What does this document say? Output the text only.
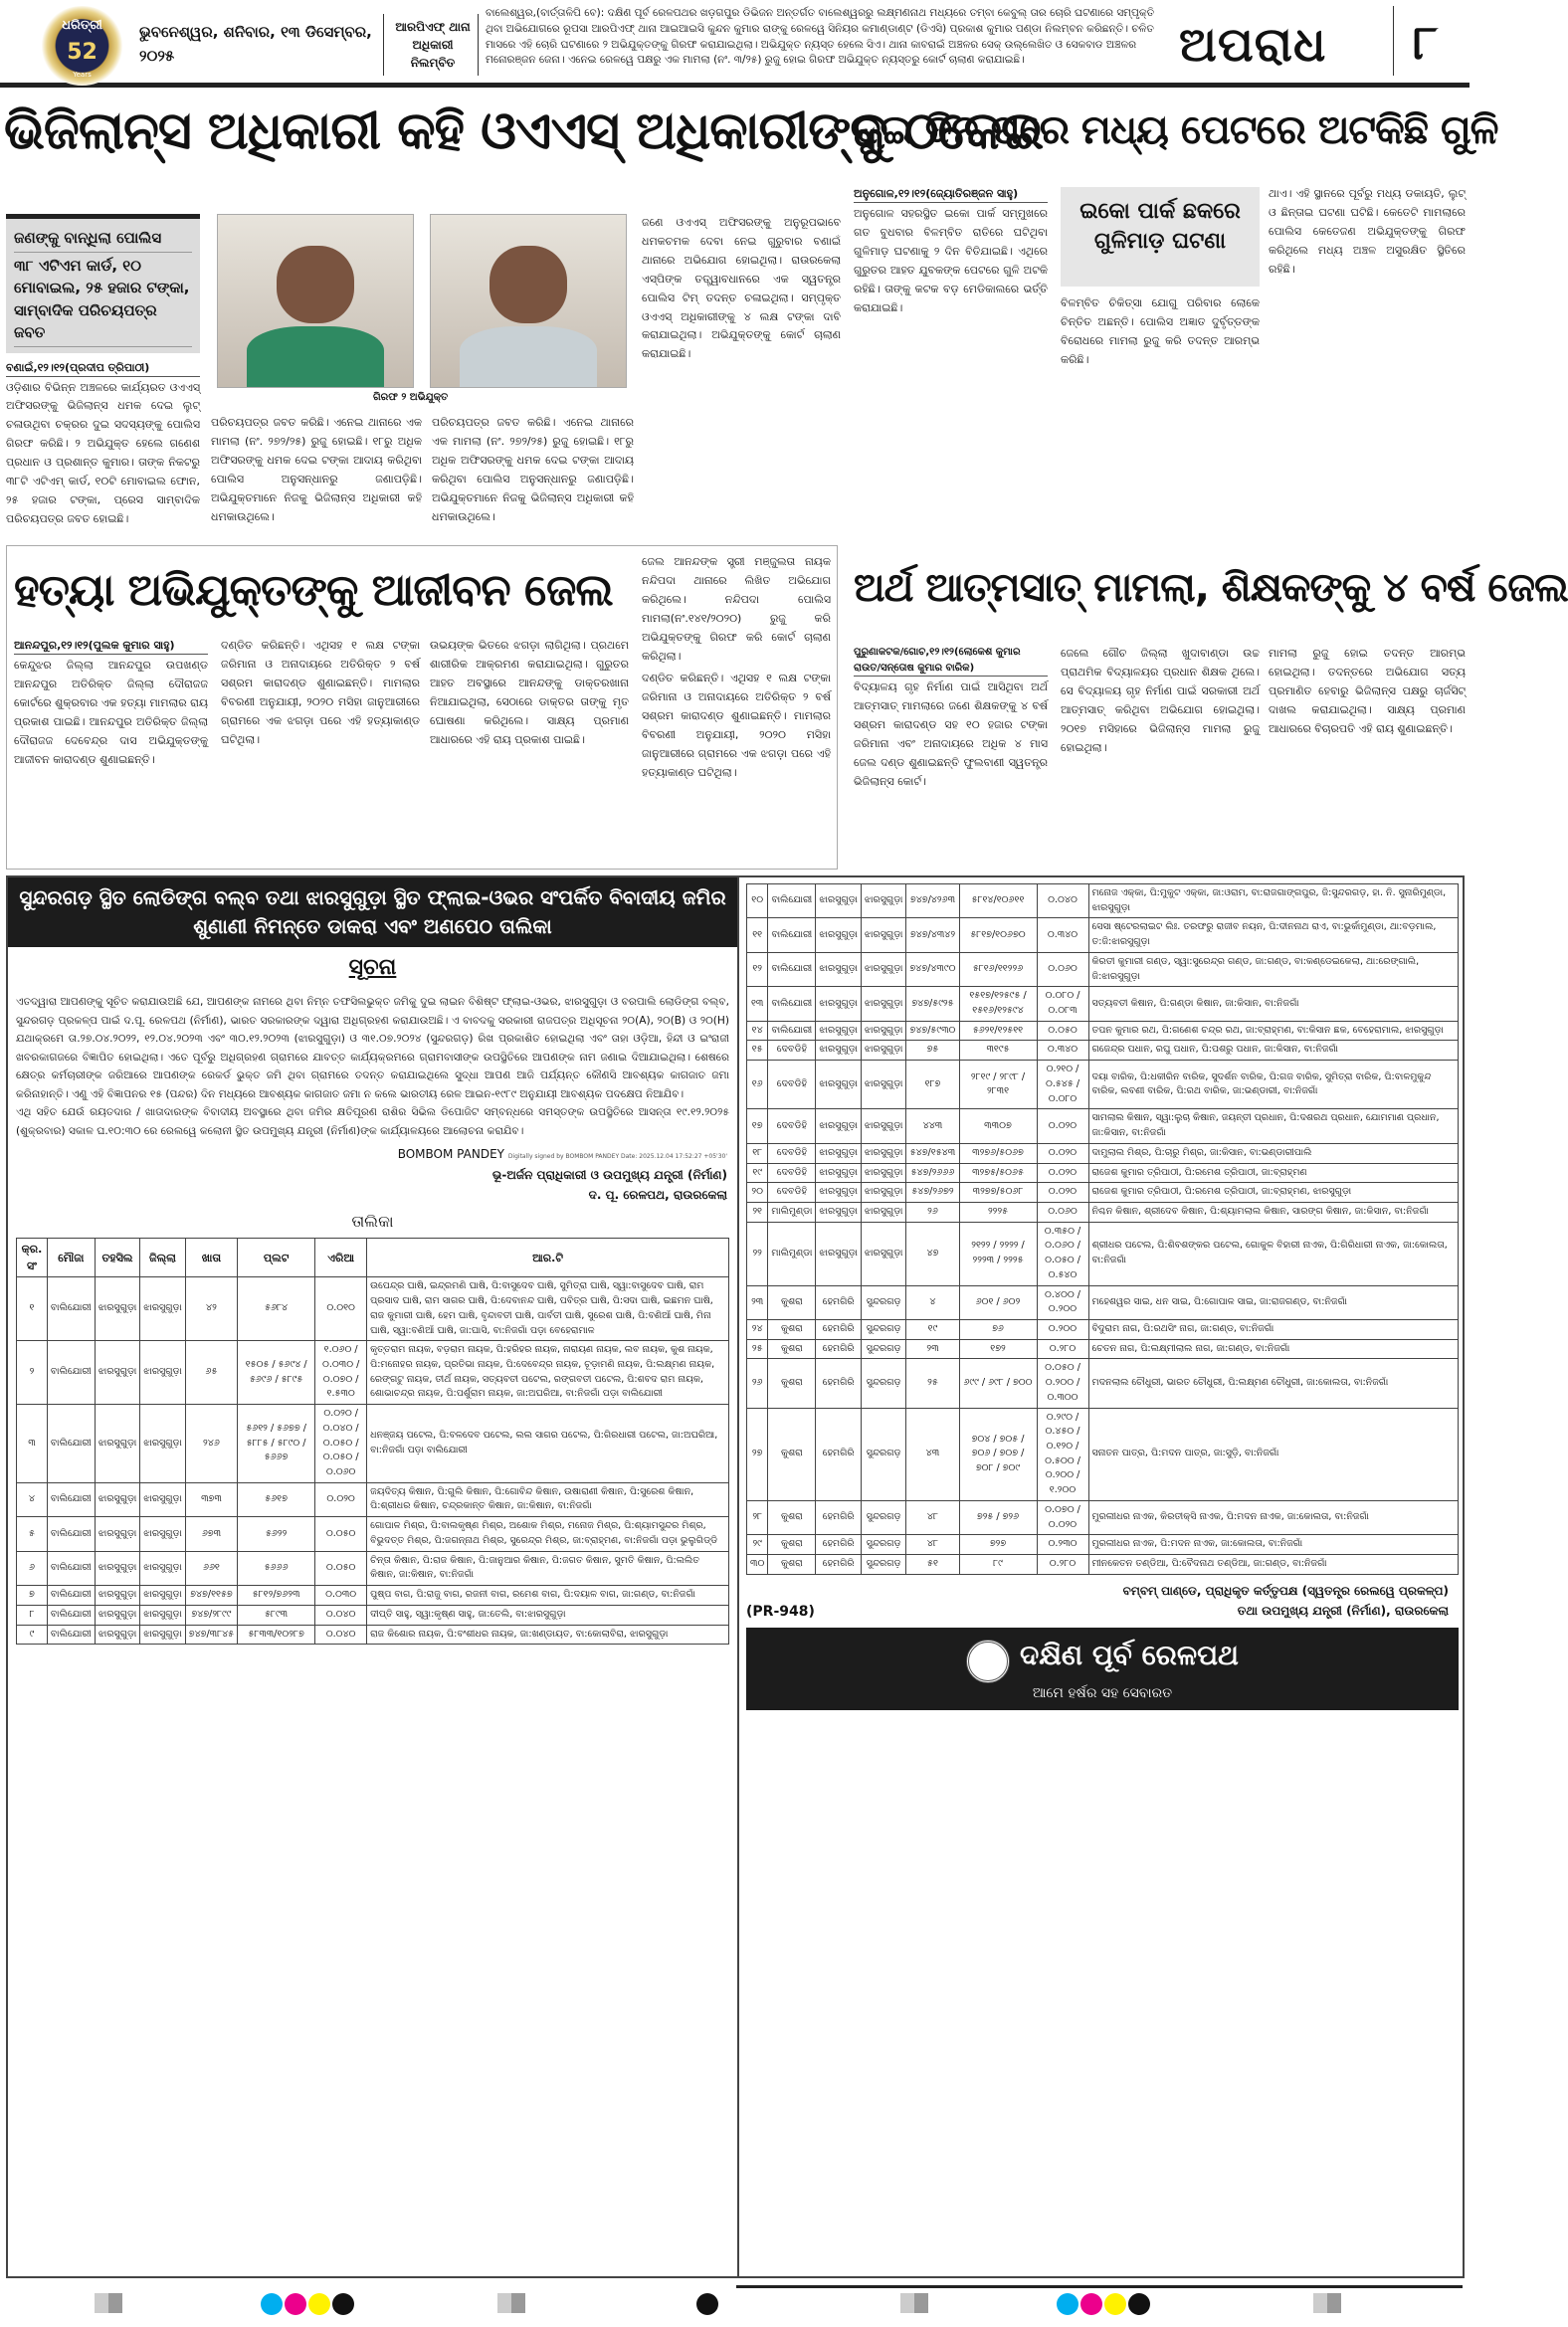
ଧରିତ୍ରୀ
52
Years
ଭୁବନେଶ୍ୱର, ଶନିବାର, ୧୩ ଡିସେମ୍ବର, ୨୦୨୫
ଆରପିଏଫ୍ ଥାନା ଅଧିକାରୀ ନିଲମ୍ବିତ
ବାଲେଶ୍ୱର,(ବାର୍ତ୍ତାଳିପି ବେ): ଦକ୍ଷିଣ ପୂର୍ବ ରେଳପଥର ଖଡ଼ଗପୁର ଡିଭିଜନ ଅନ୍ତର୍ଗତ ବାଲେଶ୍ୱରରୁ ଲକ୍ଷ୍ମଣନାଥ ମଧ୍ୟରେ ତମ୍ବା କେବୁଲ୍ ତାର ଚୋରି ଘଟଣାରେ ସମ୍ପୃକ୍ତି ଥିବା ଅଭିଯୋଗରେ ରୂପସା ଆରପିଏଫ୍ ଥାନା ଆଇଆଇସି କୁନ୍ଦନ କୁମାର ରାଙ୍କୁ ରେଳୱେ ସିନିୟର କମାଣ୍ଡାଣ୍ଟ (ଡିଏସି) ପ୍ରକାଶ କୁମାର ପଣ୍ଡା ନିଲମ୍ବନ କରିଛନ୍ତି। ଚଳିତ ମାସରେ ଏହି ଚୋରି ଘଟଣାରେ ୨ ଅଭିଯୁକ୍ତଙ୍କୁ ଗିରଫ କରାଯାଇଥିଲା। ଅଭିଯୁକ୍ତ ନ୍ୟସ୍ତ ହେଲେ ସିଏ। ଥାନା କାବରାଇଁ ଅଞ୍ଚଳର ସେକ୍ ଉଲ୍ଲେଖିତ ଓ ସେକବାଡ ଅଞ୍ଚଳର ମନୋରଞ୍ଜନ ଜେନା। ଏନେଇ ରେଳୱେ ପକ୍ଷରୁ ଏକ ମାମଲା (ନଂ. ୩/୨୫) ରୁଜୁ ହୋଇ ଗିରଫ ଅଭିଯୁକ୍ତ ନ୍ୟସ୍ତରୁ କୋର୍ଟ ଚାଲାଣ କରାଯାଇଛି।	ଅପରାଧ ୮
ଭିଜିଲାନ୍ସ ଅଧିକାରୀ କହି ଓଏଏସ୍ ଅଧିକାରୀଙ୍କୁ ଠକେଇ
ଜଣଙ୍କୁ ବାନ୍ଧିଲା ପୋଲିସ
୩୮ ଏଟିଏମ କାର୍ଡ, ୧୦ ମୋବାଇଲ, ୨୫ ହଜାର ଟଙ୍କା, ସାମ୍ବାଦିକ ପରିଚୟପତ୍ର ଜବତ
ବଣାଇଁ,୧୨।୧୨(ପ୍ରଦୀପ ତ୍ରିପାଠୀ)
ଓଡ଼ିଶାର ବିଭିନ୍ନ ଅଞ୍ଚଳରେ କାର୍ଯ୍ୟରତ ଓଏଏସ୍ ଅଫିସରଙ୍କୁ ଭିଜିଲାନ୍ସ ଧମକ ଦେଇ ଲୁଟ୍ ଚଳାଉଥିବା ଚକ୍ରର ଦୁଇ ସଦସ୍ୟଙ୍କୁ ପୋଲିସ ଗିରଫ କରିଛି। ୨ ଅଭିଯୁକ୍ତ ହେଲେ ଗଣେଶ ପ୍ରଧାନ ଓ ପ୍ରଶାନ୍ତ କୁମାର। ତାଙ୍କ ନିକଟରୁ ୩୮ଟି ଏଟିଏମ୍ କାର୍ଡ, ୧୦ଟି ମୋବାଇଲ ଫୋନ, ୨୫ ହଜାର ଟଙ୍କା, ପ୍ରେସ ସାମ୍ବାଦିକ ପରିଚୟପତ୍ର ଜବତ ହୋଇଛି।
ଗିରଫ ୨ ଅଭିଯୁକ୍ତ
ପରିଚୟପତ୍ର ଜବତ କରିଛି। ଏନେଇ ଥାନାରେ ଏକ ମାମଲା (ନଂ. ୨୭୨/୨୫) ରୁଜୁ ହୋଇଛି। ୧୮ରୁ ଅଧିକ ଅଫିସରଙ୍କୁ ଧମକ ଦେଇ ଟଙ୍କା ଆଦାୟ କରିଥିବା ପୋଲିସ ଅନୁସନ୍ଧାନରୁ ଜଣାପଡ଼ିଛି। ଅଭିଯୁକ୍ତମାନେ ନିଜକୁ ଭିଜିଲାନ୍ସ ଅଧିକାରୀ କହି ଧମକାଉଥିଲେ।
ପରିଚୟପତ୍ର ଜବତ କରିଛି। ଏନେଇ ଥାନାରେ ଏକ ମାମଲା (ନଂ. ୨୭୨/୨୫) ରୁଜୁ ହୋଇଛି। ୧୮ରୁ ଅଧିକ ଅଫିସରଙ୍କୁ ଧମକ ଦେଇ ଟଙ୍କା ଆଦାୟ କରିଥିବା ପୋଲିସ ଅନୁସନ୍ଧାନରୁ ଜଣାପଡ଼ିଛି। ଅଭିଯୁକ୍ତମାନେ ନିଜକୁ ଭିଜିଲାନ୍ସ ଅଧିକାରୀ କହି ଧମକାଉଥିଲେ।
ଜଣେ ଓଏଏସ୍ ଅଫିସରଙ୍କୁ ଅନୁରୂପଭାବେ ଧମକଚମକ ଦେବା ନେଇ ଗୁରୁବାର ବଣାଇଁ ଥାନାରେ ଅଭିଯୋଗ ହୋଇଥିଲା। ରାଉରକେଲା ଏସ୍‌ପିଙ୍କ ତତ୍ତ୍ୱାବଧାନରେ ଏକ ସ୍ୱତନ୍ତ୍ର ପୋଲିସ ଟିମ୍ ତଦନ୍ତ ଚଳାଇଥିଲା। ସମ୍ପୃକ୍ତ ଓଏଏସ୍ ଅଧିକାରୀଙ୍କୁ ୪ ଲକ୍ଷ ଟଙ୍କା ଦାବି କରାଯାଇଥିଲା। ଅଭିଯୁକ୍ତଙ୍କୁ କୋର୍ଟ ଚାଲାଣ କରାଯାଇଛି।
ଦୁଇ ଦିନ ପରେ ମଧ୍ୟ ପେଟରେ ଅଟକିଛି ଗୁଳି
ଅନୁଗୋଳ,୧୨।୧୨(ଜ୍ୟୋତିରଞ୍ଜନ ସାହୁ)
ଅନୁଗୋଳ ସହରସ୍ଥିତ ଇକୋ ପାର୍କ ସମ୍ମୁଖରେ ଗତ ବୁଧବାର ବିଳମ୍ବିତ ରାତିରେ ଘଟିଥିବା ଗୁଳିମାଡ଼ ଘଟଣାକୁ ୨ ଦିନ ବିତିଯାଇଛି। ଏଥିରେ ଗୁରୁତର ଆହତ ଯୁବକଙ୍କ ପେଟରେ ଗୁଳି ଅଟକି ରହିଛି। ତାଙ୍କୁ କଟକ ବଡ଼ ମେଡିକାଲରେ ଭର୍ତ୍ତି କରାଯାଇଛି।
ଇକୋ ପାର୍କ ଛକରେ ଗୁଳିମାଡ଼ ଘଟଣା
ବିଳମ୍ବିତ ଚିକିତ୍ସା ଯୋଗୁ ପରିବାର ଲୋକେ ଚିନ୍ତିତ ଅଛନ୍ତି। ପୋଲିସ ଅଜ୍ଞାତ ଦୁର୍ବୃତ୍ତଙ୍କ ବିରୋଧରେ ମାମଲା ରୁଜୁ କରି ତଦନ୍ତ ଆରମ୍ଭ କରିଛି।
ଥାଏ। ଏହି ସ୍ଥାନରେ ପୂର୍ବରୁ ମଧ୍ୟ ଡକାୟତି, ଲୁଟ୍ ଓ ଛିନ୍ତାଇ ଘଟଣା ଘଟିଛି। କେତେଟି ମାମଲାରେ ପୋଲିସ କେତେଜଣ ଅଭିଯୁକ୍ତଙ୍କୁ ଗିରଫ କରିଥିଲେ ମଧ୍ୟ ଅଞ୍ଚଳ ଅସୁରକ୍ଷିତ ସ୍ଥିତିରେ ରହିଛି।
ହତ୍ୟା ଅଭିଯୁକ୍ତଙ୍କୁ ଆଜୀବନ ଜେଲ
ଜେଲ ଆନନ୍ଦଙ୍କ ସ୍ତ୍ରୀ ମଞ୍ଜୁଲତା ନାୟକ ନନ୍ଦିପଦା ଥାନାରେ ଲିଖିତ ଅଭିଯୋଗ କରିଥିଲେ। ନନ୍ଦିପଦା ପୋଲିସ ମାମଲା(ନଂ.୧୪୧/୨୦୨୦) ରୁଜୁ କରି ଅଭିଯୁକ୍ତଙ୍କୁ ଗିରଫ କରି କୋର୍ଟ ଚାଲାଣ କରିଥିଲା।
ଦଣ୍ଡିତ କରିଛନ୍ତି। ଏଥିସହ ୧ ଲକ୍ଷ ଟଙ୍କା ଜରିମାନା ଓ ଅନାଦାୟରେ ଅତିରିକ୍ତ ୨ ବର୍ଷ ସଶ୍ରମ କାରାଦଣ୍ଡ ଶୁଣାଇଛନ୍ତି। ମାମଲାର ବିବରଣୀ ଅନୁଯାୟୀ, ୨୦୨୦ ମସିହା ଜାନୁଆରୀରେ ଗ୍ରାମରେ ଏକ ଝଗଡ଼ା ପରେ ଏହି ହତ୍ୟାକାଣ୍ଡ ଘଟିଥିଲା।
ଆନନ୍ଦପୁର,୧୨।୧୨(ପୁଲକ କୁମାର ସାହୁ)
କେନ୍ଦୁଝର ଜିଲ୍ଲା ଆନନ୍ଦପୁର ଉପଖଣ୍ଡ ଆନନ୍ଦପୁର ଅତିରିକ୍ତ ଜିଲ୍ଲା ଦୌରାଜଜ କୋର୍ଟରେ ଶୁକ୍ରବାର ଏକ ହତ୍ୟା ମାମଲାର ରାୟ ପ୍ରକାଶ ପାଇଛି। ଆନନ୍ଦପୁର ଅତିରିକ୍ତ ଜିଲ୍ଲା ଦୌରାଜଜ ଦେବେନ୍ଦ୍ର ଦାସ ଅଭିଯୁକ୍ତଙ୍କୁ ଆଜୀବନ କାରାଦଣ୍ଡ ଶୁଣାଇଛନ୍ତି।
ଦଣ୍ଡିତ କରିଛନ୍ତି। ଏଥିସହ ୧ ଲକ୍ଷ ଟଙ୍କା ଜରିମାନା ଓ ଅନାଦାୟରେ ଅତିରିକ୍ତ ୨ ବର୍ଷ ସଶ୍ରମ କାରାଦଣ୍ଡ ଶୁଣାଇଛନ୍ତି। ମାମଲାର ବିବରଣୀ ଅନୁଯାୟୀ, ୨୦୨୦ ମସିହା ଜାନୁଆରୀରେ ଗ୍ରାମରେ ଏକ ଝଗଡ଼ା ପରେ ଏହି ହତ୍ୟାକାଣ୍ଡ ଘଟିଥିଲା।
ଉଭୟଙ୍କ ଭିତରେ ଝଗଡ଼ା ଲାଗିଥିଲା। ପ୍ରଥମେ ଶାରୀରିକ ଆକ୍ରମଣ କରାଯାଇଥିଲା। ଗୁରୁତର ଆହତ ଅବସ୍ଥାରେ ଆନନ୍ଦଙ୍କୁ ଡାକ୍ତରଖାନା ନିଆଯାଇଥିଲା, ସେଠାରେ ଡାକ୍ତର ତାଙ୍କୁ ମୃତ ଘୋଷଣା କରିଥିଲେ। ସାକ୍ଷ୍ୟ ପ୍ରମାଣ ଆଧାରରେ ଏହି ରାୟ ପ୍ରକାଶ ପାଇଛି।
ଅର୍ଥ ଆତ୍ମସାତ୍ ମାମଲା, ଶିକ୍ଷକଙ୍କୁ ୪ ବର୍ଷ ଜେଲ
ପୁରୁଣାକଟକ/ଗୋଚ,୧୨।୧୨(ଲୋକେଶ କୁମାର ରାଉତ/ସନ୍ତୋଷ କୁମାର ବାରିକ)
ବିଦ୍ୟାଳୟ ଗୃହ ନିର୍ମାଣ ପାଇଁ ଆସିଥିବା ଅର୍ଥ ଆତ୍ମସାତ୍ ମାମଲାରେ ଜଣେ ଶିକ୍ଷକଙ୍କୁ ୪ ବର୍ଷ ସଶ୍ରମ କାରାଦଣ୍ଡ ସହ ୧୦ ହଜାର ଟଙ୍କା ଜରିମାନା ଏବଂ ଅନାଦାୟରେ ଅଧିକ ୪ ମାସ ଜେଲ ଦଣ୍ଡ ଶୁଣାଇଛନ୍ତି ଫୁଲବାଣୀ ସ୍ୱତନ୍ତ୍ର ଭିଜିଲାନ୍ସ କୋର୍ଟ।
ଜେଲେ ଗୌଚ ଜିଲ୍ଲା ଖୁଦାବାଣ୍ଡା ଉଚ୍ଚ ପ୍ରାଥମିକ ବିଦ୍ୟାଳୟର ପ୍ରଧାନ ଶିକ୍ଷକ ଥିଲେ। ସେ ବିଦ୍ୟାଳୟ ଗୃହ ନିର୍ମାଣ ପାଇଁ ସରକାରୀ ଅର୍ଥ ଆତ୍ମସାତ୍ କରିଥିବା ଅଭିଯୋଗ ହୋଇଥିଲା। ୨୦୧୭ ମସିହାରେ ଭିଜିଲାନ୍ସ ମାମଲା ରୁଜୁ ହୋଇଥିଲା।
ମାମଲା ରୁଜୁ ହୋଇ ତଦନ୍ତ ଆରମ୍ଭ ହୋଇଥିଲା। ତଦନ୍ତରେ ଅଭିଯୋଗ ସତ୍ୟ ପ୍ରମାଣିତ ହେବାରୁ ଭିଜିଲାନ୍ସ ପକ୍ଷରୁ ଚାର୍ଜସିଟ୍ ଦାଖଲ କରାଯାଇଥିଲା। ସାକ୍ଷ୍ୟ ପ୍ରମାଣ ଆଧାରରେ ବିଚାରପତି ଏହି ରାୟ ଶୁଣାଇଛନ୍ତି।
ସୁନ୍ଦରଗଡ଼ ସ୍ଥିତ ଲୋଡିଙ୍ଗ ବଲ୍ବ ତଥା ଝାରସୁଗୁଡ଼ା ସ୍ଥିତ ଫ୍ଲାଇ-ଓଭର ସଂପର୍କିତ ବିବାଦୀୟ ଜମିର ଶୁଣାଣୀ ନିମନ୍ତେ ଡାକରା ଏବଂ ଅଣପେଠ ତାଲିକା
ସୂଚନା

ଏତଦ୍ୱାରା ଆପଣଙ୍କୁ ସୂଚିତ କରାଯାଉଅଛି ଯେ, ଆପଣଙ୍କ ନାମରେ ଥିବା ନିମ୍ନ ତଫସିଲଭୁକ୍ତ ଜମିକୁ ଦୁଇ ଲାଇନ ବିଶିଷ୍ଟ ଫ୍ଲାଇ-ଓଭର, ଝାରସୁଗୁଡ଼ା ଓ ବରପାଲି ଲୋଡିଙ୍ଗ ବଲ୍ବ, ସୁନ୍ଦରଗଡ଼ ପ୍ରକଳ୍ପ ପାଇଁ ଦ.ପୂ. ରେଳପଥ (ନିର୍ମାଣ), ଭାରତ ସରକାରଙ୍କ ଦ୍ୱାରା ଅଧିଗ୍ରହଣ କରାଯାଉଅଛି। ଏ ବାବଦକୁ ସରକାରୀ ରାଜପତ୍ର ଅଧିସୂଚନା ୨୦(A), ୨୦(B) ଓ ୨୦(H) ଯଥାକ୍ରମେ ତା.୨୭.୦୪.୨୦୨୨, ୧୨.୦୪.୨୦୨୩ ଏବଂ ୩୦.୧୨.୨୦୨୩ (ଝାରସୁଗୁଡ଼ା) ଓ ୩୧.୦୭.୨୦୨୪ (ସୁନ୍ଦରଗଡ଼) ରିଖ ପ୍ରକାଶିତ ହୋଇଥିଲା ଏବଂ ତାହା ଓଡ଼ିଆ, ହିନ୍ଦୀ ଓ ଇଂରାଜୀ ଖବରକାଗଜରେ ବିଜ୍ଞାପିତ ହୋଇଥିଲା। ଏତେ ପୂର୍ବରୁ ଅଧିଗ୍ରହଣ ଗ୍ରାମରେ ଯାବତ୍ତ କାର୍ଯ୍ୟକ୍ରମରେ ଗ୍ରାମବାସୀଙ୍କ ଉପସ୍ଥିତିରେ ଆପଣଙ୍କ ନାମ ଜଣାଇ ଦିଆଯାଇଥିଲା। ଶେଷରେ କ୍ଷେତ୍ର କର୍ମଚାରୀଙ୍କ ଜରିଆରେ ଆପଣଙ୍କ ରେକର୍ଡ ଭୁକ୍ତ ଜମି ଥିବା ଗ୍ରାମରେ ତଦନ୍ତ କରାଯାଇଥିଲେ ସୁଦ୍ଧା ଆପଣ ଆଜି ପର୍ଯ୍ୟନ୍ତ କୌଣସି ଆବଶ୍ୟକ କାଗଜାତ ଜମା କରିନାହାନ୍ତି। ଏଣୁ ଏହି ବିଜ୍ଞାପନର ୧୫ (ପନ୍ଦର) ଦିନ ମଧ୍ୟରେ ଆବଶ୍ୟକ କାଗଜାତ ଜମା ନ କଲେ ଭାରତୀୟ ରେଳ ଆଇନ-୧୯୮୯ ଅନୁଯାୟୀ ଆବଶ୍ୟକ ପଦକ୍ଷେପ ନିଆଯିବ।

ଏଥି ସହିତ ଯେଉଁ ରୟତଦାର / ଖାତାଦାରଙ୍କ ବିବାଦୀୟ ଅବସ୍ଥାରେ ଥିବା ଜମିର କ୍ଷତିପୂରଣ ରାଶିର ସିଭିଲ ଡିପୋଜିଟ ସମ୍ବନ୍ଧରେ ସମସ୍ତଙ୍କ ଉପସ୍ଥିତିରେ ଆସନ୍ତା ୧୯.୧୨.୨୦୨୫ (ଶୁକ୍ରବାର) ସକାଳ ଘ.୧୦:୩୦ ରେ ରେଲୱେ କଲୋନୀ ସ୍ଥିତ ଉପମୁଖ୍ୟ ଯନ୍ତ୍ରୀ (ନିର୍ମାଣ)ଙ୍କ କାର୍ଯ୍ୟାଳୟରେ ଆଲୋଚନା କରାଯିବ।

BOMBOM PANDEY Digitally signed by BOMBOM PANDEY Date: 2025.12.04 17:52:27 +05'30'
ଭୂ-ଅର୍ଜନ ପ୍ରାଧିକାରୀ ଓ ଉପମୁଖ୍ୟ ଯନ୍ତ୍ରୀ (ନିର୍ମାଣ)
ଦ. ପୂ. ରେଳପଥ, ରାଉରକେଲା
ତାଲିକା
କ୍ର. ସଂ	ମୌଜା	ତହସିଲ	ଜିଲ୍ଲା	ଖାତା	ପ୍ଲଟ	ଏରିଆ	ଆର.ଟି
୧	ବାଲିଯୋରୀ	ଝାରସୁଗୁଡ଼ା	ଝାରସୁଗୁଡ଼ା	୪୨	୫୬୮୪	୦.୦୧୦	ଉପେନ୍ଦ୍ର ଘାଷି, ଇନ୍ଦ୍ରମଣି ଘାଷି, ପି:ବାସୁଦେବ ଘାଷି, ସୁମିତ୍ରା ଘାଷି, ସ୍ୱା:ବାସୁଦେବ ଘାଷି, ରାମ ପ୍ରସାଦ ଘାଷି, ରାମ ସାଗର ଘାଷି, ପି:ଦେବାନନ୍ଦ ଘାଷି, ପବିତ୍ର ଘାଷି, ପି:ସଦା ଘାଷି, ଇଛମନ ଘାଷି, ରାଜ କୁମାରୀ ଘାଷି, ହେମ ଘାଷି, ବୃନ୍ଦାବତୀ ଘାଷି, ପାର୍ବତୀ ଘାଷି, ସୁରେଶ ଘାଷି, ପି:ବଣିଆଁ ଘାଷି, ମିନା ଘାଷି, ସ୍ୱା:ବଣିଆଁ ଘାଷି, ଜା:ଘାସି, ବା:ନିଜଗାଁ ପଡ଼ା ବେହେରାମାଳ
୨	ବାଲିଯୋରୀ	ଝାରସୁଗୁଡ଼ା	ଝାରସୁଗୁଡ଼ା	୬୫	୧୫୦୫ / ୫୬୯୪ / ୫୬୯୬ / ୫୮୯୫	୧.୦୬୦ / ୦.୦୩୦ / ୦.୦୭୦ / ୧.୫୩୦	କୃତ୍ତରାମ ନାୟକ, ବଡ଼ରାମ ନାୟକ, ପି:ହରିହର ନାୟକ, ନାରାୟଣ ନାୟକ, ଲବ ନାୟକ, କୁଶ ନାୟକ, ପି:ମନୋହର ନାୟକ, ପ୍ରତିଭା ନାୟକ, ପି:ଦେବେନ୍ଦ୍ର ନାୟକ, ଚୂଡ଼ାମଣି ନାୟକ, ପି:ଲକ୍ଷ୍ମଣ ନାୟକ, ରେଙ୍ଗଟୁ ନାୟକ, ତୀର୍ଥ ନାୟକ, ସତ୍ୟବତୀ ପଟେଲ, ରଙ୍ଗବତୀ ପଟେଲ, ପି:ଶବଦ ରାମ ନାୟକ, ଶୋଭାଚନ୍ଦ୍ର ନାୟକ, ପି:ପର୍ଶୁରାମ ନାୟକ, ଜା:ଅଘରିଆ, ବା:ନିଜଗାଁ ପଡ଼ା ବାଲିଯୋରୀ
୩	ବାଲିଯୋରୀ	ଝାରସୁଗୁଡ଼ା	ଝାରସୁଗୁଡ଼ା	୨୪୬	୫୬୧୨ / ୫୬୭୭ / ୫୮୮୫ / ୫୮୯୦ / ୫୬୬୭	୦.୦୨୦ / ୦.୦୪୦ / ୦.୦୫୦ / ୦.୦୫୦ / ୦.୦୬୦	ଧନଞ୍ଜୟ ପଟେଲ, ପି:ବଳଦେବ ପଟେଲ, ଲଲ ସାଗର ପଟେଲ, ପି:ଗିରଧାରୀ ପଟେଲ, ଜା:ଅଘରିଆ, ବା:ନିଜଗାଁ ପଡ଼ା ବାଲିଯୋରୀ
୪	ବାଲିଯୋରୀ	ଝାରସୁଗୁଡ଼ା	ଝାରସୁଗୁଡ଼ା	୩୭୩	୫୬୧୭	୦.୦୨୦	ଜୟଦିତ୍ୟ କିଷାନ, ପି:ଗୁଲି କିଷାନ, ପି:ଗୋବିନ୍ଦ କିଷାନ, ଉଷାରାଣୀ କିଷାନ, ପି:ସୁରେଶ କିଷାନ, ପି:ଶ୍ରୀଧର କିଷାନ, ଚନ୍ଦ୍ରକାନ୍ତ କିଷାନ, ଜା:କିଷାନ, ବା:ନିଜଗାଁ
୫	ବାଲିଯୋରୀ	ଝାରସୁଗୁଡ଼ା	ଝାରସୁଗୁଡ଼ା	୬୭୩	୫୬୨୨	୦.୦୫୦	ଗୋପାଳ ମିଶ୍ର, ପି:ବାଲକୃଷ୍ଣ ମିଶ୍ର, ଅଶୋକ ମିଶ୍ର, ମନୋଜ ମିଶ୍ର, ପି:ଶ୍ୟାମସୁନ୍ଦର ମିଶ୍ର, ବିଭୁଦତ୍ତ ମିଶ୍ର, ପି:ଜଗନ୍ନାଥ ମିଶ୍ର, ସୁରେନ୍ଦ୍ର ମିଶ୍ର, ଜା:ବ୍ରାହ୍ମଣ, ବା:ନିଜଗାଁ ପଡ଼ା ଭୁଲୁଗିଡ୍ଡି
୬	ବାଲିଯୋରୀ	ଝାରସୁଗୁଡ଼ା	ଝାରସୁଗୁଡ଼ା	୬୬୧	୫୬୬୬	୦.୦୫୦	ଚିନ୍ତା କିଷାନ, ପି:ରାଜ କିଷାନ, ପି:ଜାନୁଆର କିଷାନ, ପି:ଜଗତ କିଷାନ, ସୁମତି କିଷାନ, ପି:ଲଲିତ କିଷାନ, ଜା:କିଷାନ, ବା:ନିଜଗାଁ
୭	ବାଲିଯୋରୀ	ଝାରସୁଗୁଡ଼ା	ଝାରସୁଗୁଡ଼ା	୭୪୭/୧୧୫୭	୫୮୧୨/୭୬୨୩	୦.୦୩୦	ପୁଷ୍ପ ବାଗ, ପି:ରାଜୁ ବାଗ, ରଜନୀ ବାଗ, ରମେଶ ବାଗ, ପି:ଦୟାଳ ବାଗ, ଜା:ଗଣ୍ଡ, ବା:ନିଜଗାଁ
୮	ବାଲିଯୋରୀ	ଝାରସୁଗୁଡ଼ା	ଝାରସୁଗୁଡ଼ା	୭୪୭/୨୮୯୯	୫୮୯୩	୦.୦୪୦	ଦୀପ୍ତି ସାହୁ, ସ୍ୱା:କୃଷ୍ଣ ସାହୁ, ଜା:ତେଲି, ବା:ଝାରସୁଗୁଡ଼ା
୯	ବାଲିଯୋରୀ	ଝାରସୁଗୁଡ଼ା	ଝାରସୁଗୁଡ଼ା	୭୪୭/୩୮୪୫	୫୮୩୩/୧୦୨୮୭	୦.୦୪୦	ରାଜ କିଶୋର ନାୟକ, ପି:ବଂଶୀଧର ନାୟକ, ଜା:ଖଣ୍ଡାୟତ, ବା:କୋଲାବିରା, ଝାରସୁଗୁଡ଼ା
୧୦	ବାଲିଯୋରୀ	ଝାରସୁଗୁଡ଼ା	ଝାରସୁଗୁଡ଼ା	୭୪୭/୪୨୬୩	୫୮୧୪/୧୦୬୧୧	୦.୦୪୦	ମନୋଜ ଏକ୍କା, ପି:ମୁକୁଟ ଏକ୍କା, ଜା:ଓରାମ, ବା:ରାଜଗାଙ୍ଗପୁର, ଜି:ସୁନ୍ଦରଗଡ଼, ହା. ନି. ସୁନାରିମୁଣ୍ଡା, ଝାରସୁଗୁଡ଼ା
୧୧	ବାଲିଯୋରୀ	ଝାରସୁଗୁଡ଼ା	ଝାରସୁଗୁଡ଼ା	୭୪୭/୪୩୪୨	୫୮୧୭/୧୦୬୭୦	୦.୩୪୦	ସେସା ଷ୍ଟେରଲାଇଟ ଲିଃ. ତରଫରୁ ରାଜୀବ ନୟନ, ପି:ଦୀନନାଥ ରାଏ, ବା:ଭୁର୍କାମୁଣ୍ଡା, ଥା:ବଡ଼ମାଲ, ତ:ଜି:ଝାରସୁଗୁଡ଼ା
୧୨	ବାଲିଯୋରୀ	ଝାରସୁଗୁଡ଼ା	ଝାରସୁଗୁଡ଼ା	୭୪୭/୪୩୯୦	୫୮୧୬/୧୧୨୨୬	୦.୦୬୦	କିରତୀ କୁମାରୀ ଗଣ୍ଡ, ସ୍ୱା:ସୁରେନ୍ଦ୍ର ଗଣ୍ଡ, ଜା:ଗଣ୍ଡ, ବା:କଣ୍ଡେଇକେଲା, ଥା:ରେଙ୍ଗାଲି, ଜି:ଝାରସୁଗୁଡ଼ା
୧୩	ବାଲିଯୋରୀ	ଝାରସୁଗୁଡ଼ା	ଝାରସୁଗୁଡ଼ା	୭୪୭/୫୯୨୫	୧୫୧୭/୧୨୫୯୫ / ୧୫୧୬/୧୨୫୯୪	୦.୦୮୦ / ୦.୦୮୩	ସତ୍ୟବତୀ କିଷାନ, ପି:ଗଣ୍ଡା କିଷାନ, ଜା:କିସାନ, ବା:ନିଜଗାଁ
୧୪	ବାଲିଯୋରୀ	ଝାରସୁଗୁଡ଼ା	ଝାରସୁଗୁଡ଼ା	୭୪୭/୫୯୩୦	୫୬୨୧/୧୨୫୧୧	୦.୦୫୦	ତପନ କୁମାର ରଥ, ପି:ଗଣେଶ ଚନ୍ଦ୍ର ରଥ, ଜା:ବ୍ରାହ୍ମଣ, ବା:କିସାନ ଛକ, ବେହେରାମାଲ, ଝାରସୁଗୁଡ଼ା
୧୫	ଦେବଡିହି	ଝାରସୁଗୁଡ଼ା	ଝାରସୁଗୁଡ଼ା	୭୫	୩୧୯୫	୦.୩୪୦	ଗଜେନ୍ଦ୍ର ପଧାନ, ରଘୁ ପଧାନ, ପି:ପଶରୁ ପଧାନ, ଜା:କିସାନ, ବା:ନିଜଗାଁ
୧୬	ଦେବଡିହି	ଝାରସୁଗୁଡ଼ା	ଝାରସୁଗୁଡ଼ା	୧୮୭	୨୮୧୯ / ୨୮୯୮ / ୨୮୩୧	୦.୨୧୦ / ୦.୫୪୫ / ୦.୦୮୦	ଦୟା ବାରିକ, ପି:ଧକୀରିନ ବାରିକ, ସୁଦର୍ଶନ ବାରିକ, ପି:ଗଜ ବାରିକ, ସୁମିତ୍ରା ବାରିକ, ପି:ବାଳମୁକୁନ୍ଦ ବାରିକ, ଲବଣୀ ବାରିକ, ପି:ରଥ ବାରିକ, ଜା:ଭଣ୍ଡାରୀ, ବା:ନିଜଗାଁ
୧୭	ଦେବଡିହି	ଝାରସୁଗୁଡ଼ା	ଝାରସୁଗୁଡ଼ା	୪୪୩	୩୩୦୭	୦.୦୨୦	ସାମଲାଲ କିଷାନ, ସ୍ୱା:ଲୁଚା କିଷାନ, ଜୟନ୍ତୀ ପ୍ରଧାନ, ପି:ଦଶରଥ ପ୍ରଧାନ, ଯୋମମାଣ ପ୍ରଧାନ, ଜା:କିସାନ, ବା:ନିଜଗାଁ
୧୮	ଦେବଡିହି	ଝାରସୁଗୁଡ଼ା	ଝାରସୁଗୁଡ଼ା	୫୪୭/୧୫୪୩	୩୨୭୬/୫୦୬୭	୦.୦୨୦	ଦାମୁଲାଲ ମିଶ୍ର, ପି:ଚାରୁ ମିଶ୍ର, ଜା:କିସାନ, ବା:ଭଣ୍ଡାରୀପାଲି
୧୯	ଦେବଡିହି	ଝାରସୁଗୁଡ଼ା	ଝାରସୁଗୁଡ଼ା	୫୪୭/୨୬୬୬	୩୨୭୫/୫୦୬୫	୦.୦୨୦	ରାଜେଶ କୁମାର ତ୍ରିପାଠୀ, ପି:ରମେଶ ତ୍ରିପାଠୀ, ଜା:ବ୍ରାହ୍ମଣ
୨୦	ଦେବଡିହି	ଝାରସୁଗୁଡ଼ା	ଝାରସୁଗୁଡ଼ା	୫୪୭/୨୬୭୨	୩୨୭୭/୫୦୬୮	୦.୦୨୦	ରାଜେଶ କୁମାର ତ୍ରିପାଠୀ, ପି:ରମେଶ ତ୍ରିପାଠୀ, ଜା:ବ୍ରାହ୍ମଣ, ଝାରସୁଗୁଡ଼ା
୨୧	ମାଲିମୁଣ୍ଡା	ଝାରସୁଗୁଡ଼ା	ଝାରସୁଗୁଡ଼ା	୨୬	୨୨୨୫	୦.୦୬୦	ନିଶ୍ଚନ କିଷାନ, ଶ୍ରୀଦେବ କିଷାନ, ପି:ଶ୍ୟାମଲାଲ କିଷାନ, ସାରଙ୍ଗ କିଷାନ, ଜା:କିସାନ, ବା:ନିଜଗାଁ
୨୨	ମାଲିମୁଣ୍ଡା	ଝାରସୁଗୁଡ଼ା	ଝାରସୁଗୁଡ଼ା	୪୭	୨୧୨୨ / ୨୨୨୨ / ୨୨୨୩ / ୨୨୨୫	୦.୩୫୦ / ୦.୦୬୦ / ୦.୦୫୦ / ୦.୫୪୦	ଶ୍ରୀଧର ପଟେଲ, ପି:ଶିବଶଙ୍କର ପଟେଲ, ଗୋକୁଳ ବିହାରୀ ନାଏକ, ପି:ଗିରିଧାରୀ ନାଏକ, ଜା:କୋଲତା, ବା:ନିଜଗାଁ
୨୩	କୁଶରା	ହେମଗିରି	ସୁନ୍ଦରଗଡ଼	୪	୬୦୧ / ୬୦୨	୦.୪୦୦ / ୦.୨୦୦	ମହେଶୱର ସାଇ, ଧନ ସାଇ, ପି:ଗୋପାଳ ସାଇ, ଜା:ରାଜଗଣ୍ଡ, ବା:ନିଜଗାଁ
୨୪	କୁଶରା	ହେମଗିରି	ସୁନ୍ଦରଗଡ଼	୧୯	୭୬	୦.୨୦୦	ବିଦୁରାମ ନାଗ, ପି:ରଥସିଂ ନାଗ, ଜା:ଗଣ୍ଡ, ବା:ନିଜଗାଁ
୨୫	କୁଶରା	ହେମଗିରି	ସୁନ୍ଦରଗଡ଼	୨୩	୧୭୨	୦.୨୮୦	ଚେତନ ନାଗ, ପି:ଲକ୍ଷ୍ମୀଲାଲ ନାଗ, ଜା:ଗଣ୍ଡ, ବା:ନିଜଗାଁ
୨୬	କୁଶରା	ହେମଗିରି	ସୁନ୍ଦରଗଡ଼	୨୫	୬୯୯ / ୬୯୮ / ୭୦୦	୦.୦୫୦ / ୦.୨୦୦ / ୦.୩୦୦	ମଦନଲାଲ ଚୌଧୁରୀ, ଭାରତ ଚୌଧୁରୀ, ପି:ଲକ୍ଷ୍ମଣ ଚୌଧୁରୀ, ଜା:କୋଲତା, ବା:ନିଜଗାଁ
୨୭	କୁଶରା	ହେମଗିରି	ସୁନ୍ଦରଗଡ଼	୪୩	୭୦୪ / ୭୦୫ / ୭୦୬ / ୭୦୭ / ୭୦୮ / ୭୦୯	୦.୨୯୦ / ୦.୪୫୦ / ୦.୧୨୦ / ୦.୫୦୦ / ୦.୨୦୦ / ୧.୨୦୦	ସନାତନ ପାତ୍ର, ପି:ମଦନ ପାତ୍ର, ଜା:ସୁଡ଼ି, ବା:ନିଜଗାଁ
୨୮	କୁଶରା	ହେମଗିରି	ସୁନ୍ଦରଗଡ଼	୪୮	୭୨୫ / ୭୨୬	୦.୦୭୦ / ୦.୦୨୦	ମୁରଲୀଧର ନାଏକ, କିରତୀକ୍ସି ନାଏକ, ପି:ମଦନ ନାଏକ, ଜା:କୋଲତା, ବା:ନିଜଗାଁ
୨୯	କୁଶରା	ହେମଗିରି	ସୁନ୍ଦରଗଡ଼	୪୮	୭୨୭	୦.୨୩୦	ମୁରଲୀଧର ନାଏକ, ପି:ମଦନ ନାଏକ, ଜା:କୋଲତା, ବା:ନିଜଗାଁ
୩୦	କୁଶରା	ହେମଗିରି	ସୁନ୍ଦରଗଡ଼	୫୧	୮୯	୦.୨୮୦	ମୀନକେତନ ତଣ୍ଡିଆ, ପି:ବୈଦନାଥ ତଣ୍ଡିଆ, ଜା:ଗଣ୍ଡ, ବା:ନିଜଗାଁ
ବମ୍‌ବମ୍ ପାଣ୍ଡେ, ପ୍ରାଧିକୃତ କର୍ତ୍ତୃପକ୍ଷ (ସ୍ୱତନ୍ତ୍ର ରେଲୱେ ପ୍ରକଳ୍ପ)
(PR-948)	ତଥା ଉପମୁଖ୍ୟ ଯନ୍ତ୍ରୀ (ନିର୍ମାଣ), ରାଉରକେଲା
ଦକ୍ଷିଣ ପୂର୍ବ ରେଳପଥ
ଆମେ ହର୍ଷର ସହ ସେବାରତ
